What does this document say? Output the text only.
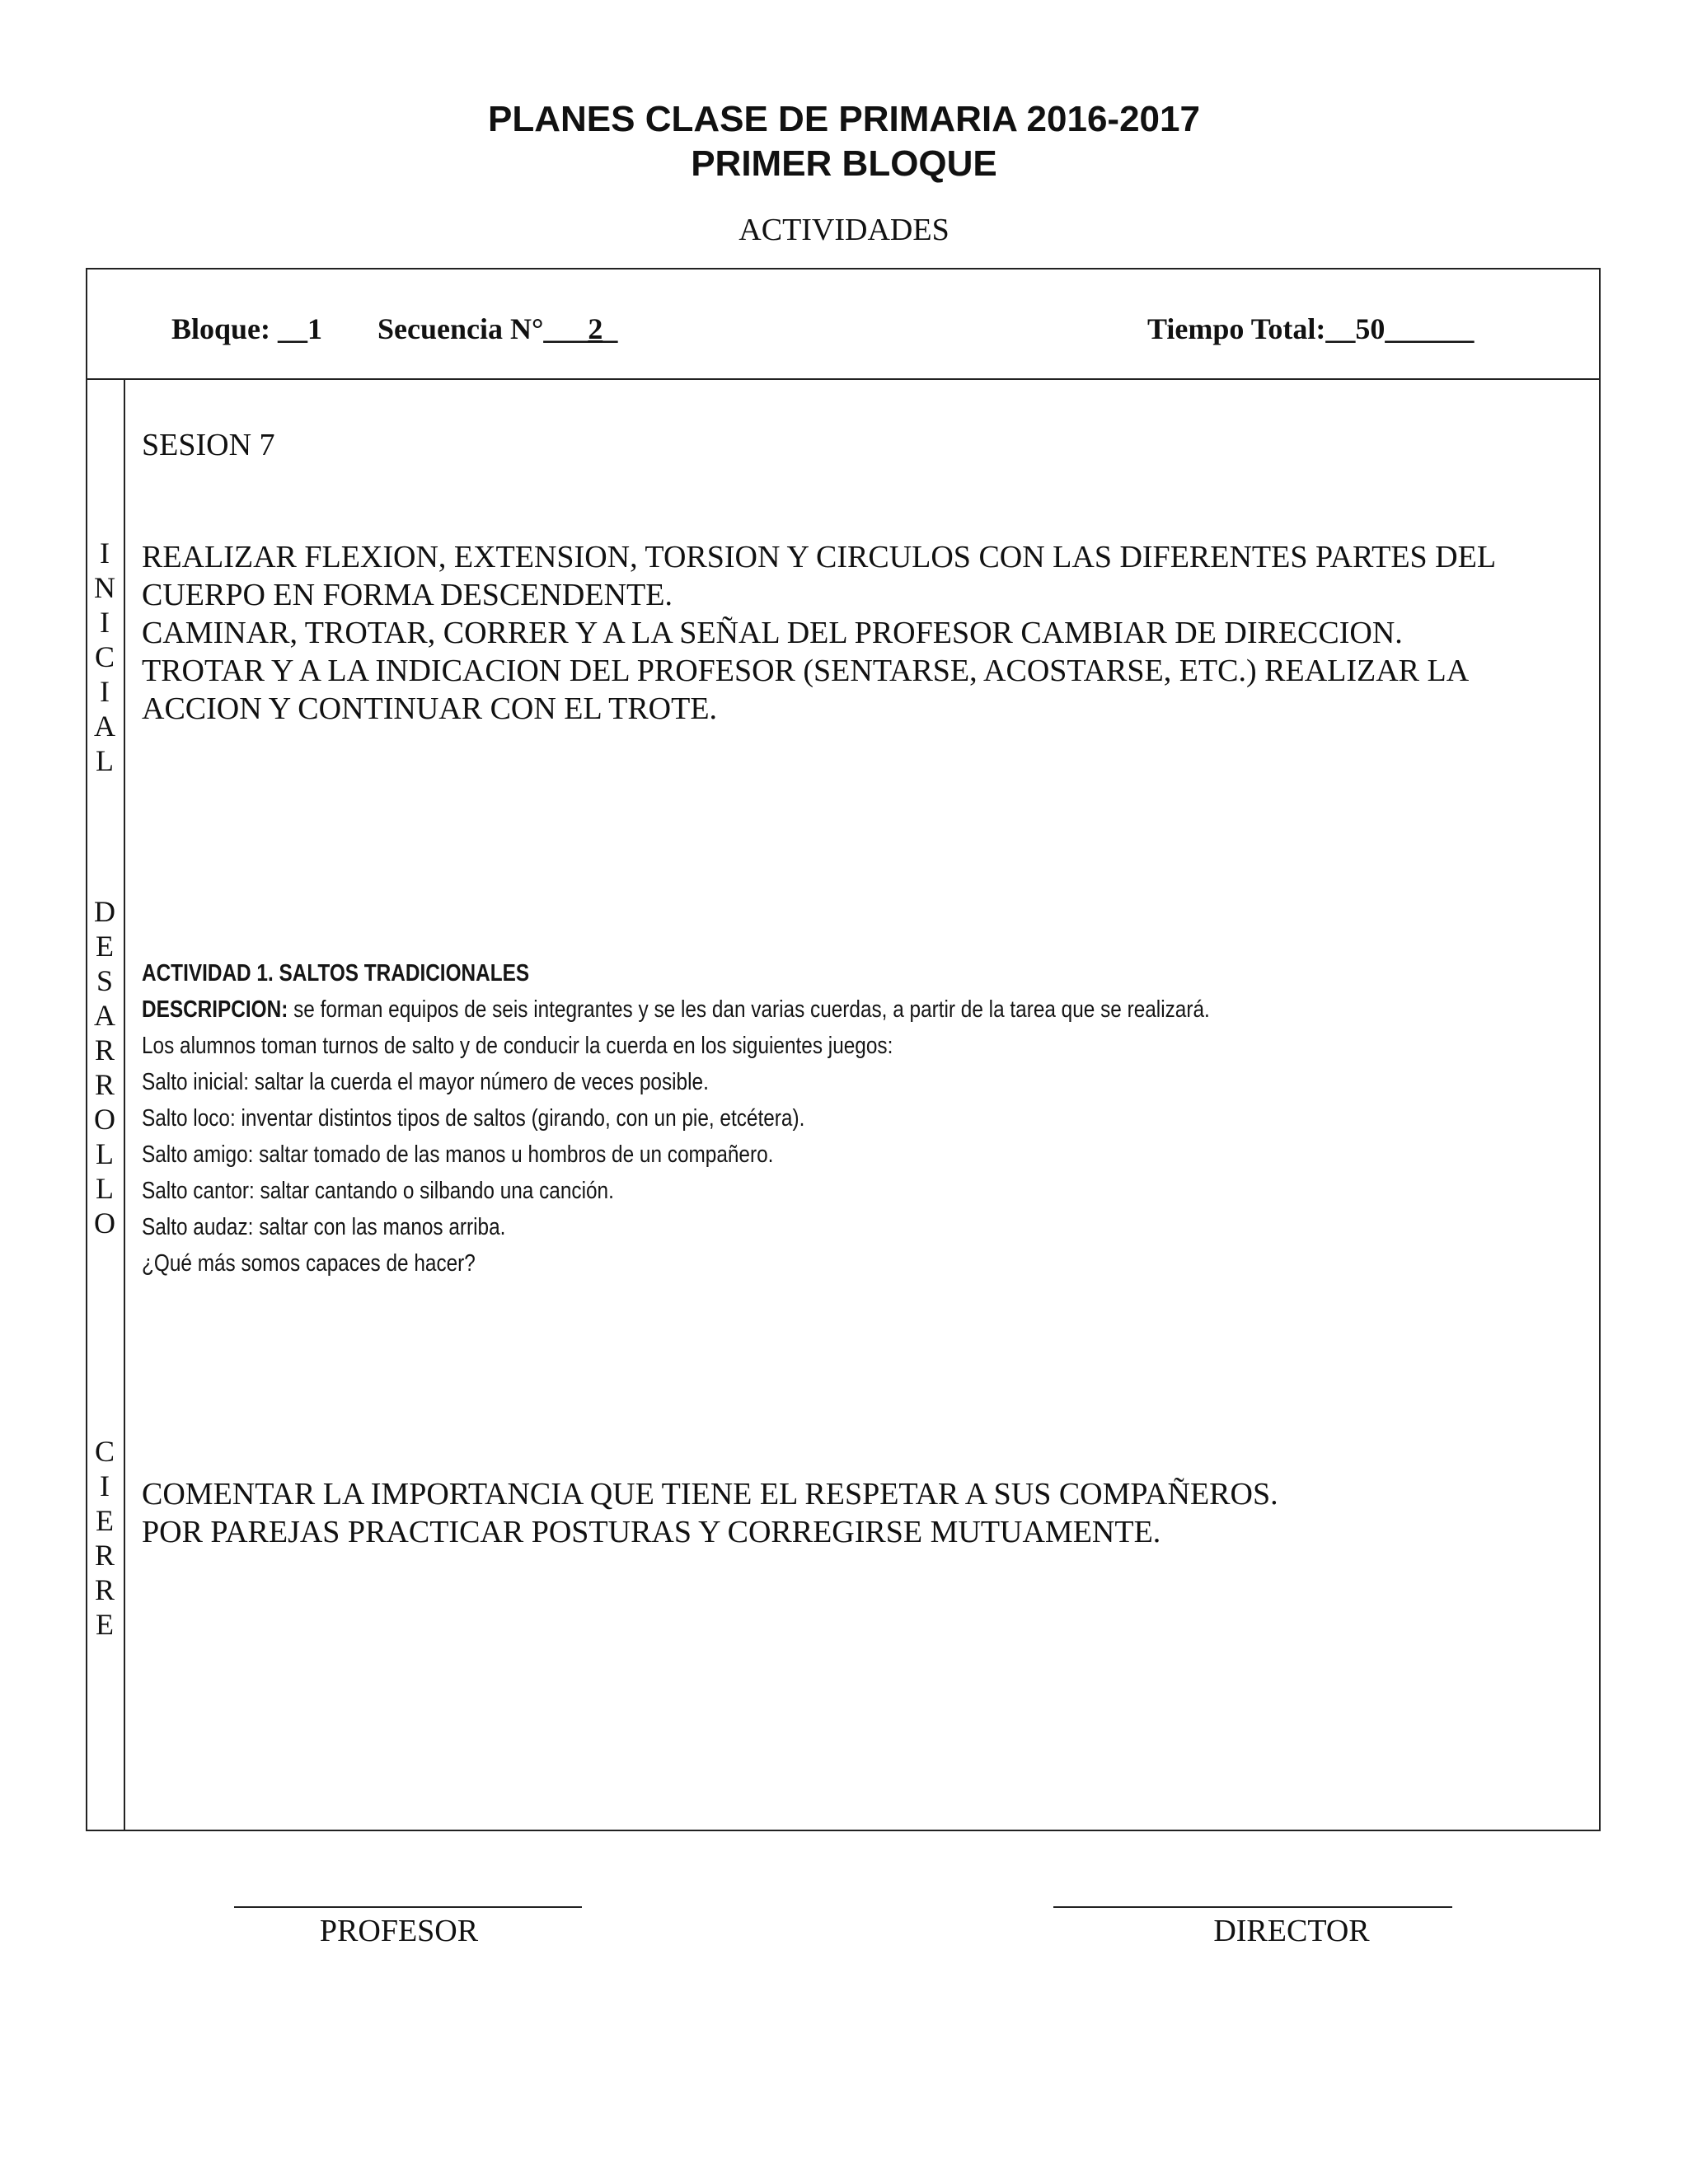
PLANES CLASE DE PRIMARIA 2016-2017
PRIMER BLOQUE
ACTIVIDADES
Bloque: __1 Secuencia N°___2_	Tiempo Total:__50______
I
N
I
C
I
A
L
D
E
S
A
R
R
O
L
L
O
C
I
E
R
R
E
SESION 7
REALIZAR FLEXION, EXTENSION, TORSION Y CIRCULOS CON LAS DIFERENTES PARTES DEL
CUERPO EN FORMA DESCENDENTE.
CAMINAR, TROTAR, CORRER Y A LA SEÑAL DEL PROFESOR CAMBIAR DE DIRECCION.
TROTAR Y A LA INDICACION DEL PROFESOR (SENTARSE, ACOSTARSE, ETC.) REALIZAR LA
ACCION Y CONTINUAR CON EL TROTE.

ACTIVIDAD 1. SALTOS TRADICIONALES
DESCRIPCION: se forman equipos de seis integrantes y se les dan varias cuerdas, a partir de la tarea que se realizará.
Los alumnos toman turnos de salto y de conducir la cuerda en los siguientes juegos:
Salto inicial: saltar la cuerda el mayor número de veces posible.
Salto loco: inventar distintos tipos de saltos (girando, con un pie, etcétera).
Salto amigo: saltar tomado de las manos u hombros de un compañero.
Salto cantor: saltar cantando o silbando una canción.
Salto audaz: saltar con las manos arriba.
¿Qué más somos capaces de hacer?

COMENTAR LA IMPORTANCIA QUE TIENE EL RESPETAR A SUS COMPAÑEROS.
POR PAREJAS PRACTICAR POSTURAS Y CORREGIRSE MUTUAMENTE.
PROFESOR	DIRECTOR
